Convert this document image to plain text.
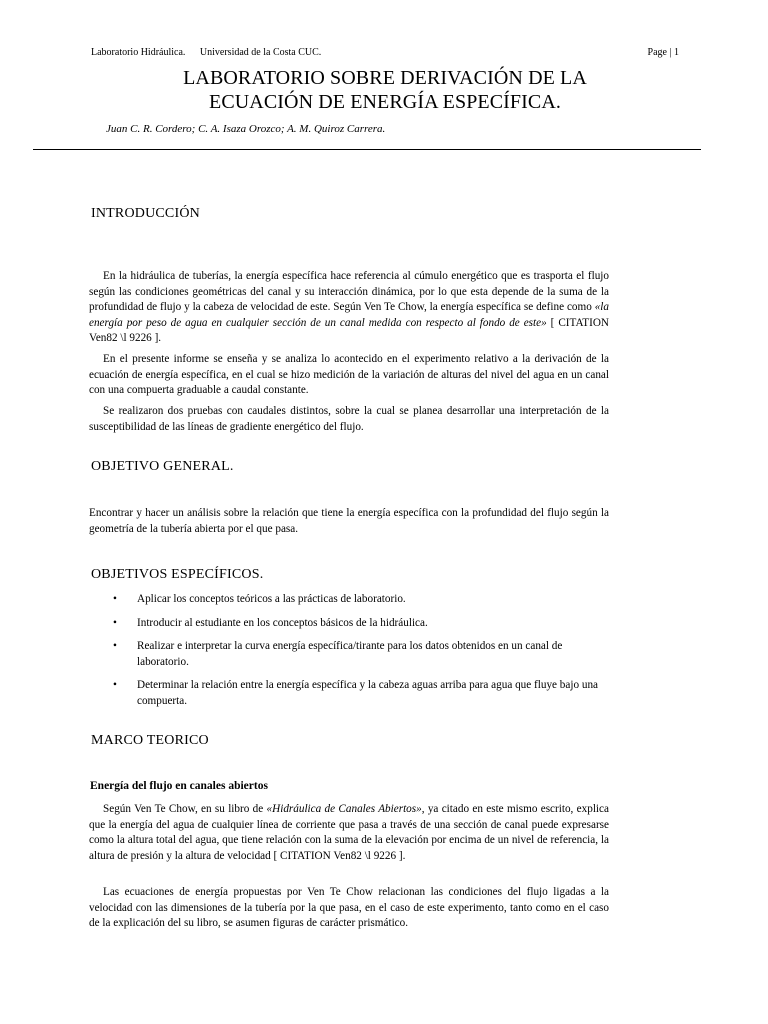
Laboratorio Hidráulica. Universidad de la Costa CUC.	Page | 1
LABORATORIO SOBRE DERIVACIÓN DE LA
ECUACIÓN DE ENERGÍA ESPECÍFICA.
Juan C. R. Cordero; C. A. Isaza Orozco; A. M. Quiroz Carrera.
INTRODUCCIÓN
En la hidráulica de tuberías, la energía específica hace referencia al cúmulo energético que es trasporta el flujo según las condiciones geométricas del canal y su interacción dinámica, por lo que esta depende de la suma de la profundidad de flujo y la cabeza de velocidad de este. Según Ven Te Chow, la energía específica se define como «la energía por peso de agua en cualquier sección de un canal medida con respecto al fondo de este» [ CITATION Ven82 \l 9226 ].
En el presente informe se enseña y se analiza lo acontecido en el experimento relativo a la derivación de la ecuación de energía específica, en el cual se hizo medición de la variación de alturas del nivel del agua en un canal con una compuerta graduable a caudal constante.
Se realizaron dos pruebas con caudales distintos, sobre la cual se planea desarrollar una interpretación de la susceptibilidad de las líneas de gradiente energético del flujo.
OBJETIVO GENERAL.
Encontrar y hacer un análisis sobre la relación que tiene la energía específica con la profundidad del flujo según la geometría de la tubería abierta por el que pasa.
OBJETIVOS ESPECÍFICOS.
• Aplicar los conceptos teóricos a las prácticas de laboratorio.
• Introducir al estudiante en los conceptos básicos de la hidráulica.
• Realizar e interpretar la curva energía específica/tirante para los datos obtenidos en un canal de laboratorio.
• Determinar la relación entre la energía específica y la cabeza aguas arriba para agua que fluye bajo una compuerta.
MARCO TEORICO
Energía del flujo en canales abiertos
Según Ven Te Chow, en su libro de «Hidráulica de Canales Abiertos», ya citado en este mismo escrito, explica que la energía del agua de cualquier línea de corriente que pasa a través de una sección de canal puede expresarse como la altura total del agua, que tiene relación con la suma de la elevación por encima de un nivel de referencia, la altura de presión y la altura de velocidad [ CITATION Ven82 \l 9226 ].
Las ecuaciones de energía propuestas por Ven Te Chow relacionan las condiciones del flujo ligadas a la velocidad con las dimensiones de la tubería por la que pasa, en el caso de este experimento, tanto como en el caso de la explicación del su libro, se asumen figuras de carácter prismático.
